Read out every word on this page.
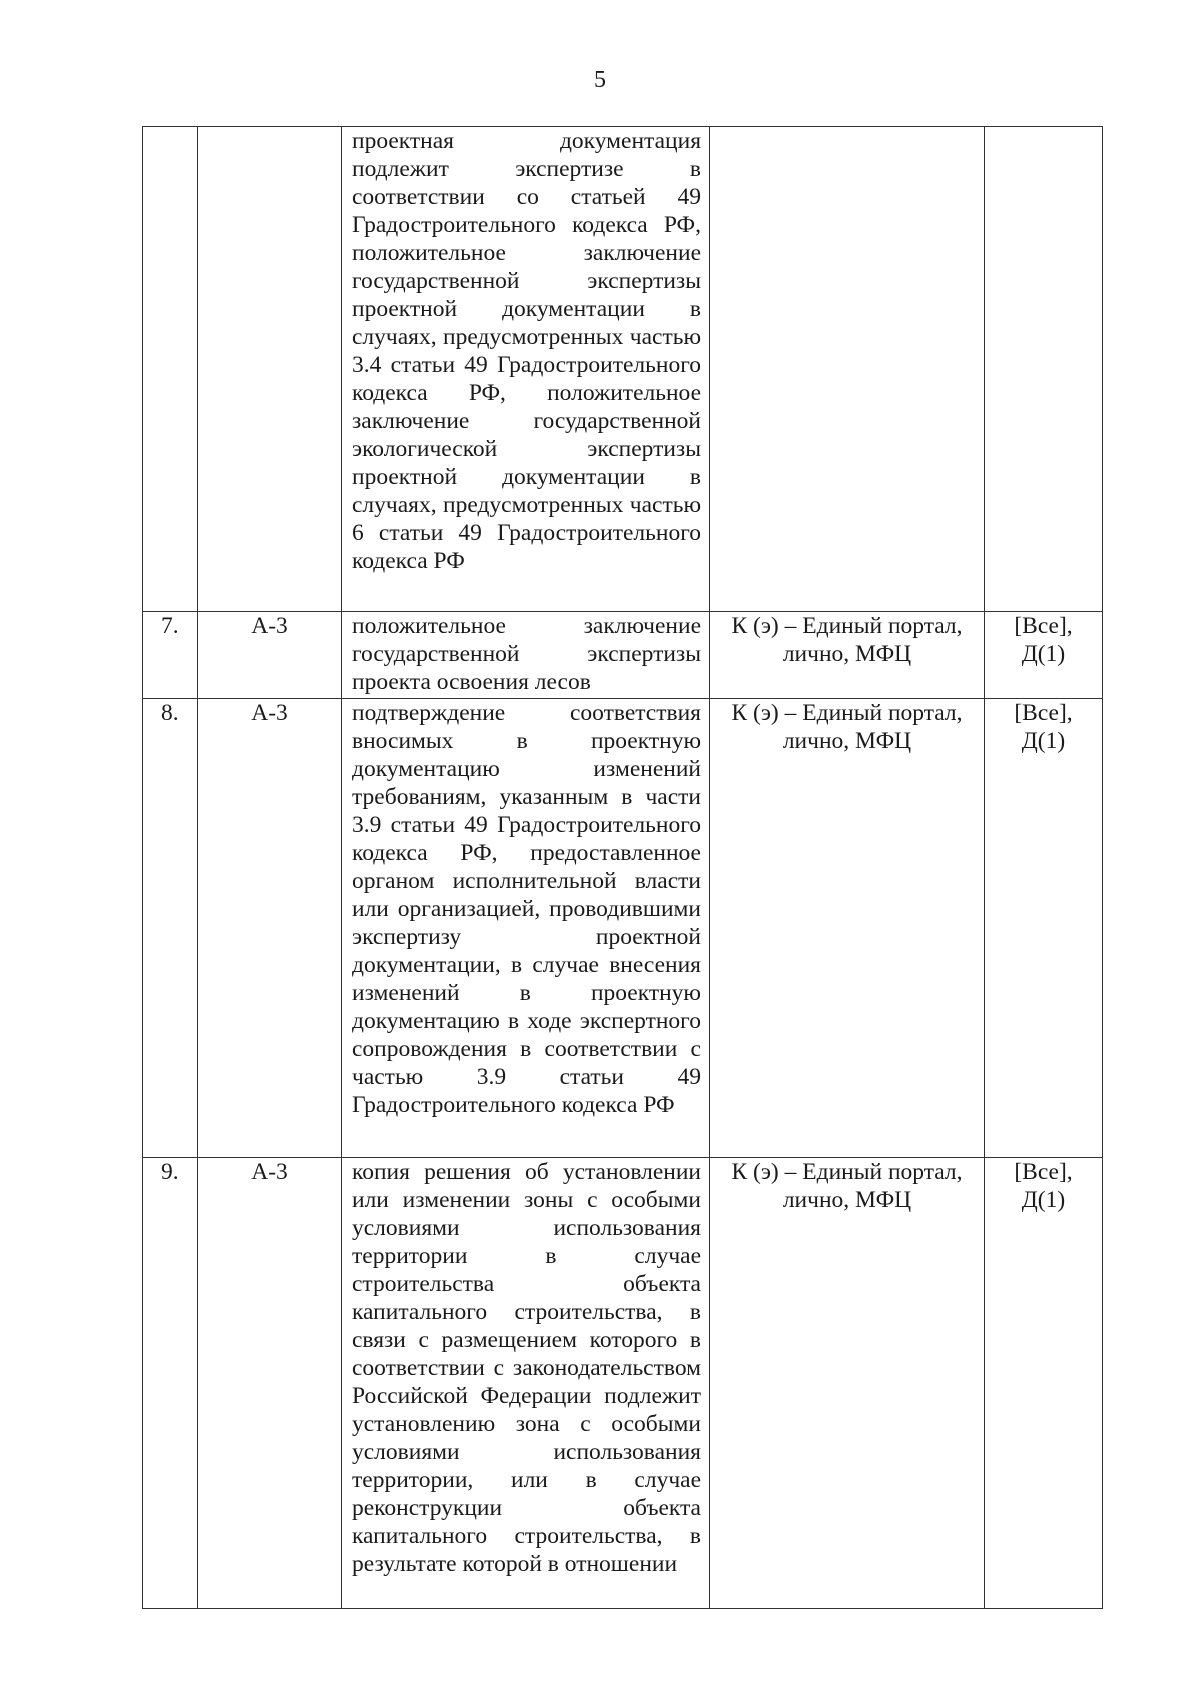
5
		проектная документация подлежит экспертизе в соответствии со статьей 49 Градостроительного кодекса РФ, положительное заключение государственной экспертизы проектной документации в случаях, предусмотренных частью 3.4 статьи 49 Градостроительного кодекса РФ, положительное заключение государственной экологической экспертизы проектной документации в случаях, предусмотренных частью 6 статьи 49 Градостроительного кодекса РФ		

7.	А-3	положительное заключение государственной экспертизы проекта освоения лесов	К (э) – Единый портал, лично, МФЦ	[Все],
Д(1)

8.	А-3	подтверждение соответствия вносимых в проектную документацию изменений требованиям, указанным в части 3.9 статьи 49 Градостроительного кодекса РФ, предоставленное органом исполнительной власти или организацией, проводившими экспертизу проектной документации, в случае внесения изменений в проектную документацию в ходе экспертного сопровождения в соответствии с частью 3.9 статьи 49 Градостроительного кодекса РФ	К (э) – Единый портал, лично, МФЦ	[Все],
Д(1)

9.	А-3	копия решения об установлении или изменении зоны с особыми условиями использования территории в случае строительства объекта капитального строительства, в связи с размещением которого в соответствии с законодательством Российской Федерации подлежит установлению зона с особыми условиями использования территории, или в случае реконструкции объекта капитального строительства, в результате которой в отношении	К (э) – Единый портал, лично, МФЦ	[Все],
Д(1)
